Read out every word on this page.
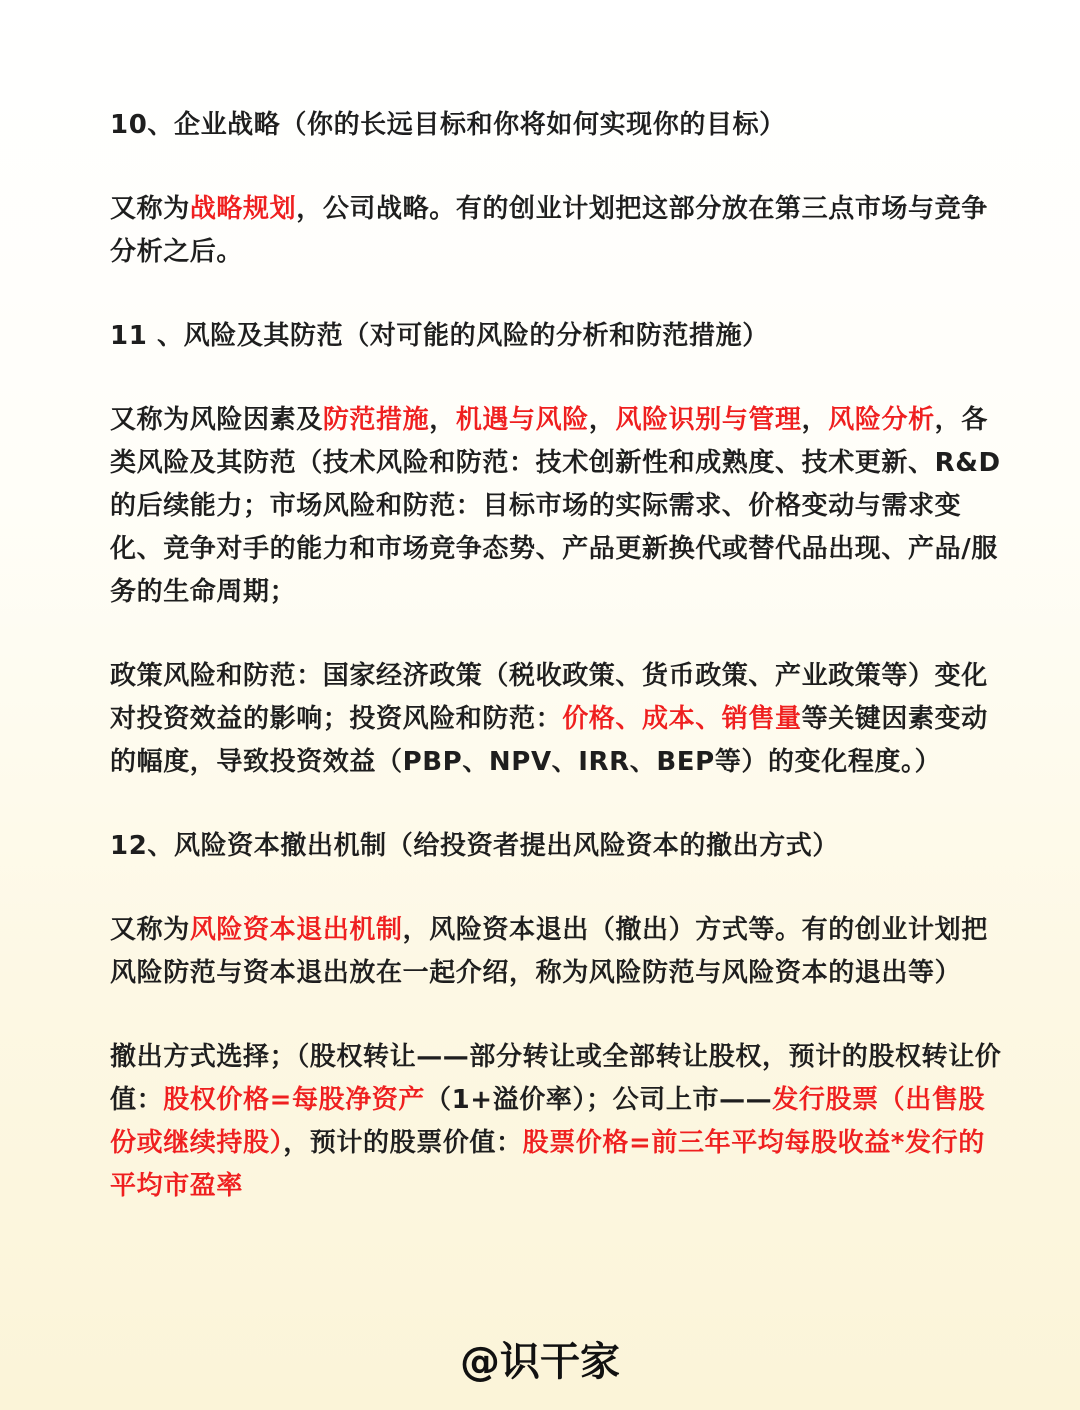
10、企业战略（你的长远目标和你将如何实现你的目标）

又称为战略规划，公司战略。有的创业计划把这部分放在第三点市场与竞争分析之后。

11 、风险及其防范（对可能的风险的分析和防范措施）

又称为风险因素及防范措施，机遇与风险，风险识别与管理，风险分析，各类风险及其防范（技术风险和防范：技术创新性和成熟度、技术更新、R&D的后续能力；市场风险和防范：目标市场的实际需求、价格变动与需求变化、竞争对手的能力和市场竞争态势、产品更新换代或替代品出现、产品/服务的生命周期；

政策风险和防范：国家经济政策（税收政策、货币政策、产业政策等）变化对投资效益的影响；投资风险和防范：价格、成本、销售量等关键因素变动的幅度，导致投资效益（PBP、NPV、IRR、BEP等）的变化程度。）

12、风险资本撤出机制（给投资者提出风险资本的撤出方式）

又称为风险资本退出机制，风险资本退出（撤出）方式等。有的创业计划把风险防范与资本退出放在一起介绍，称为风险防范与风险资本的退出等）

撤出方式选择；（股权转让——部分转让或全部转让股权，预计的股权转让价值：股权价格=每股净资产（1+溢价率）；公司上市——发行股票（出售股份或继续持股），预计的股票价值：股票价格=前三年平均每股收益*发行的平均市盈率

@识干家
